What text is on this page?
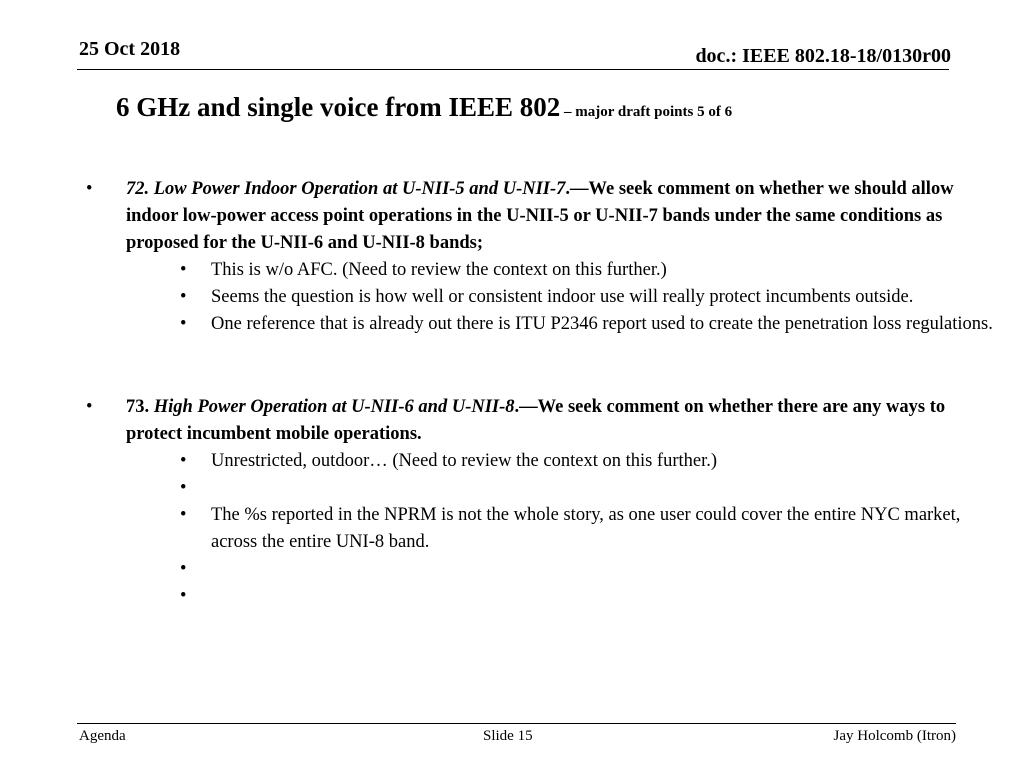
25 Oct 2018	doc.: IEEE 802.18-18/0130r00
6 GHz and single voice from IEEE 802 – major draft points 5 of 6
• 72. Low Power Indoor Operation at U-NII-5 and U-NII-7.—We seek comment on whether we should allow indoor low-power access point operations in the U-NII-5 or U-NII-7 bands under the same conditions as proposed for the U-NII-6 and U-NII-8 bands;
• This is w/o AFC. (Need to review the context on this further.)
• Seems the question is how well or consistent indoor use will really protect incumbents outside.
• One reference that is already out there is ITU P2346 report used to create the penetration loss regulations.
• 73. High Power Operation at U-NII-6 and U-NII-8.—We seek comment on whether there are any ways to protect incumbent mobile operations.
• Unrestricted, outdoor… (Need to review the context on this further.)
•

• The %s reported in the NPRM is not the whole story, as one user could cover the entire NYC market, across the entire UNI-8 band.
•

•

Agenda	Slide 15	Jay Holcomb (Itron)
